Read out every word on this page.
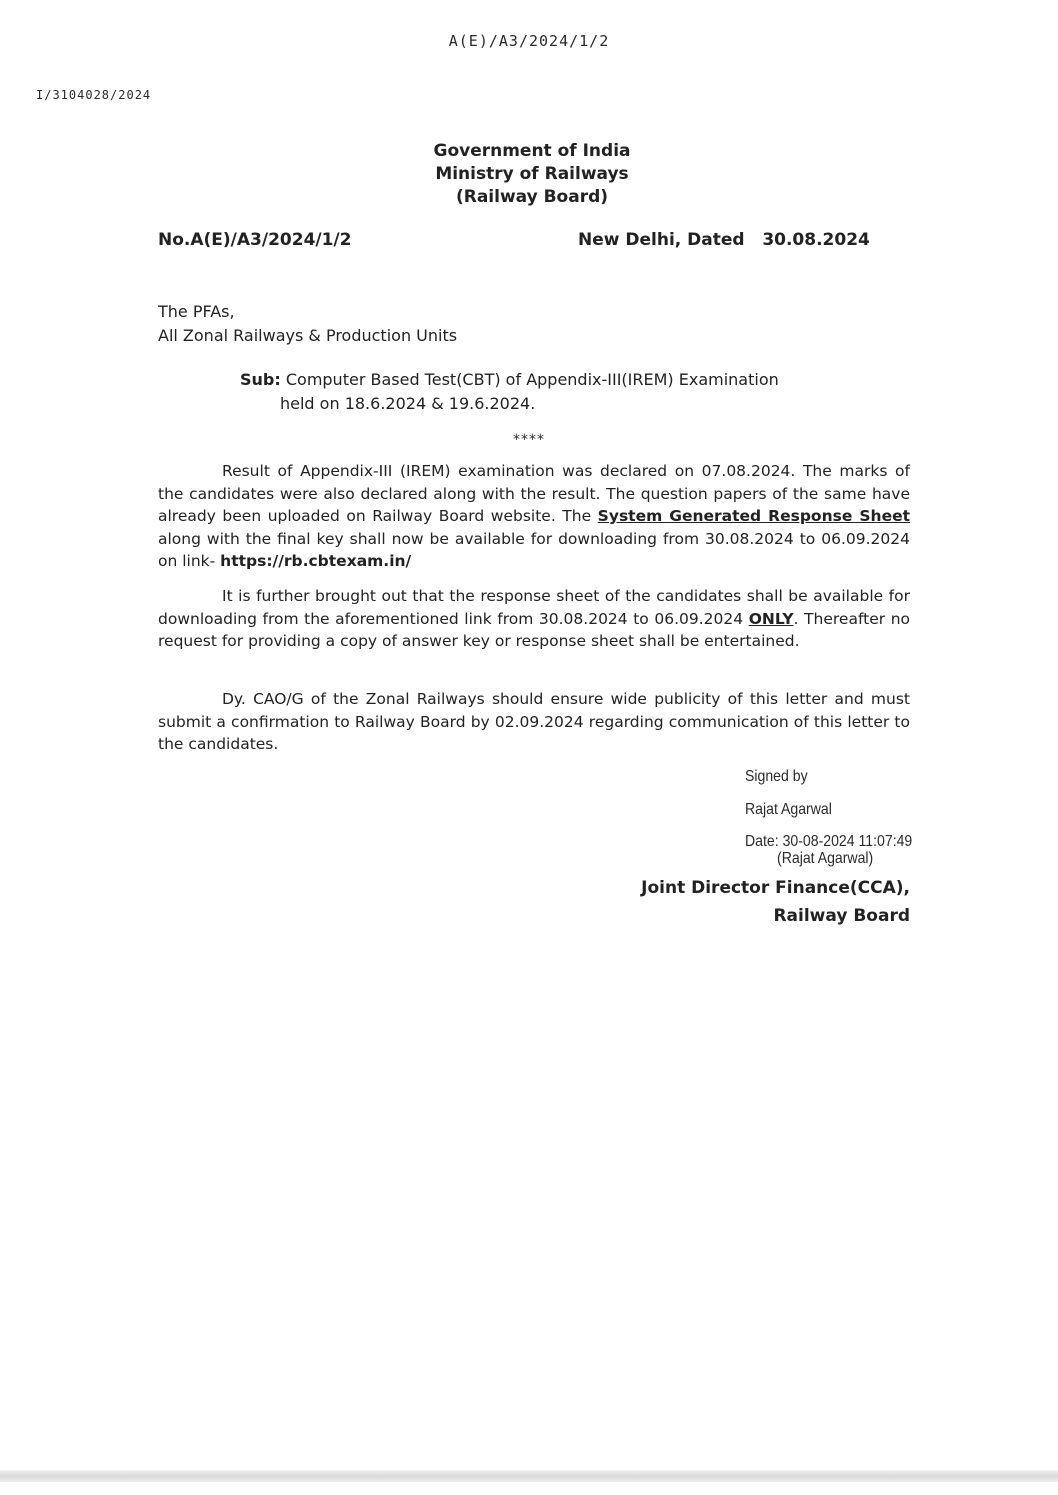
A(E)/A3/2024/1/2
I/3104028/2024
Government of India
Ministry of Railways
(Railway Board)
No.A(E)/A3/2024/1/2	New Delhi, Dated   30.08.2024
The PFAs,
All Zonal Railways & Production Units
Sub: Computer Based Test(CBT) of Appendix-III(IREM) Examination
held on 18.6.2024 & 19.6.2024.
****
Result of Appendix-III (IREM) examination was declared on 07.08.2024. The marks of the candidates were also declared along with the result. The question papers of the same have already been uploaded on Railway Board website. The System Generated Response Sheet along with the final key shall now be available for downloading from 30.08.2024 to 06.09.2024 on link- https://rb.cbtexam.in/
It is further brought out that the response sheet of the candidates shall be available for downloading from the aforementioned link from 30.08.2024 to 06.09.2024 ONLY. Thereafter no request for providing a copy of answer key or response sheet shall be entertained.
Dy. CAO/G of the Zonal Railways should ensure wide publicity of this letter and must submit a confirmation to Railway Board by 02.09.2024 regarding communication of this letter to the candidates.
Signed by
Rajat Agarwal
Date: 30-08-2024 11:07:49
(Rajat Agarwal)
Joint Director Finance(CCA),
Railway Board
